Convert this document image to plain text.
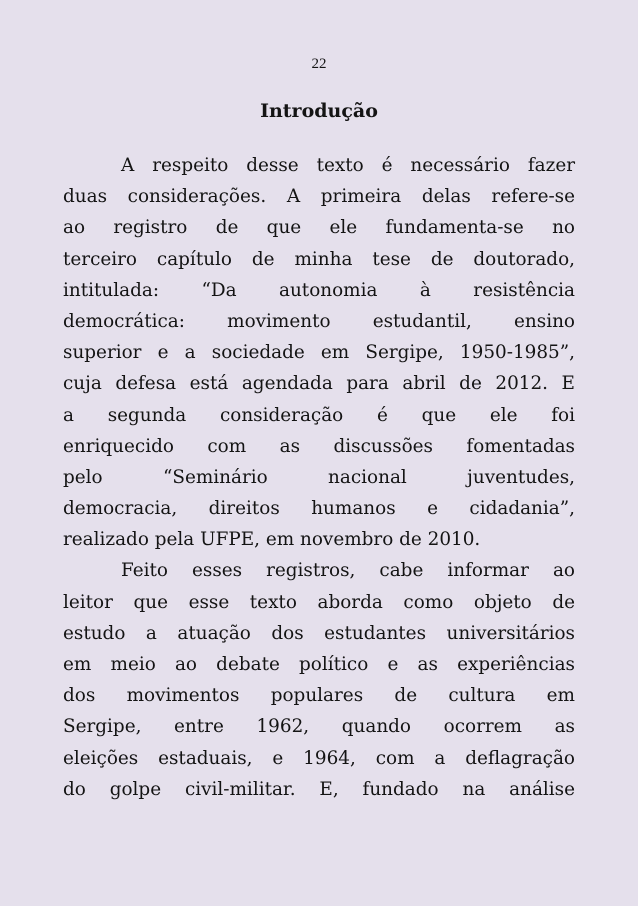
22
Introdução
A respeito desse texto é necessário fazer
duas considerações. A primeira delas refere-se
ao registro de que ele fundamenta-se no
terceiro capítulo de minha tese de doutorado,
intitulada: “Da autonomia à resistência
democrática: movimento estudantil, ensino
superior e a sociedade em Sergipe, 1950-1985”,
cuja defesa está agendada para abril de 2012. E
a segunda consideração é que ele foi
enriquecido com as discussões fomentadas
pelo “Seminário nacional juventudes,
democracia, direitos humanos e cidadania”,
realizado pela UFPE, em novembro de 2010.
Feito esses registros, cabe informar ao
leitor que esse texto aborda como objeto de
estudo a atuação dos estudantes universitários
em meio ao debate político e as experiências
dos movimentos populares de cultura em
Sergipe, entre 1962, quando ocorrem as
eleições estaduais, e 1964, com a deflagração
do golpe civil-militar. E, fundado na análise
